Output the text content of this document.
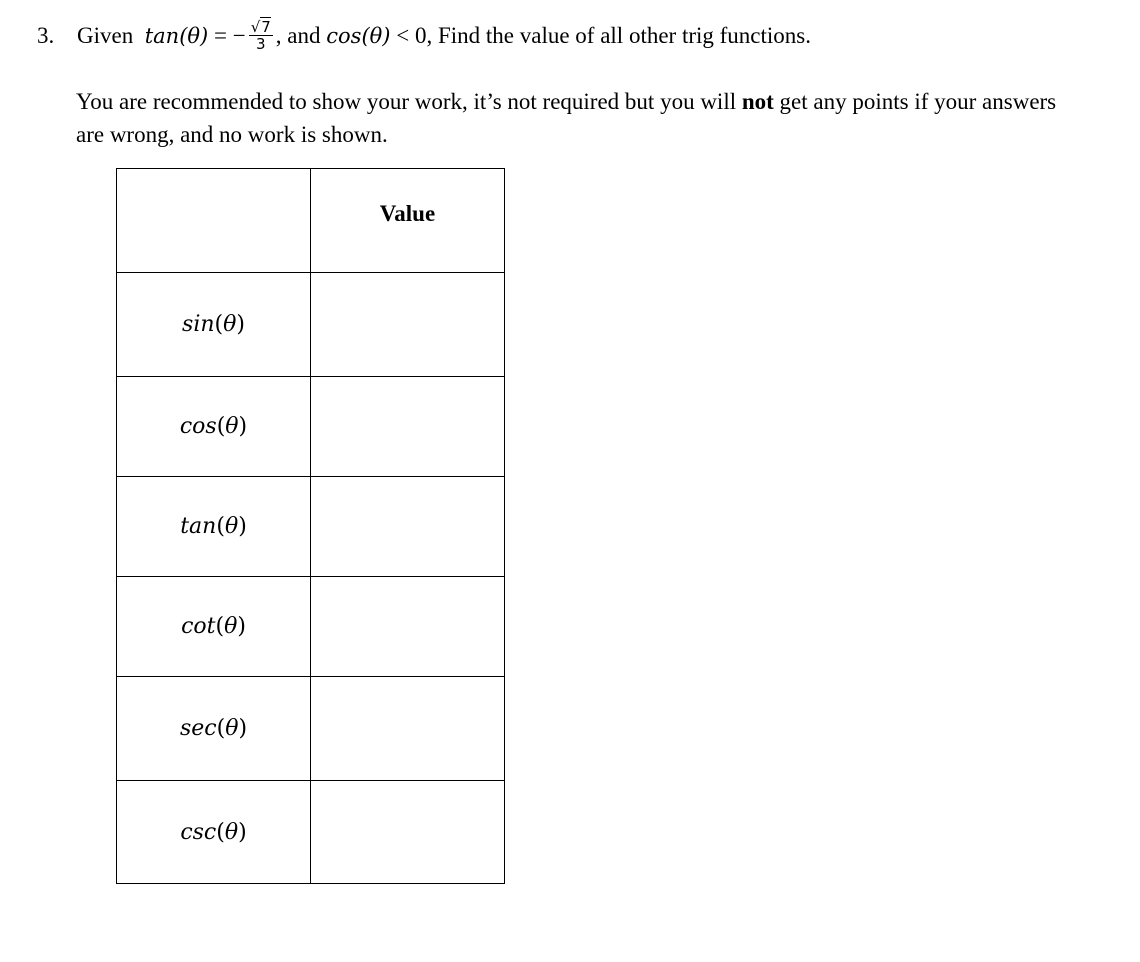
3. Given tan(θ) = − $\frac{√7}{3}$ , and cos(θ) < 0, Find the value of all other trig functions.
You are recommended to show your work, it’s not required but you will not get any points if your answers are wrong, and no work is shown.
	Value
sin(θ)	
cos(θ)	
tan(θ)	
cot(θ)	
sec(θ)	
csc(θ)	
